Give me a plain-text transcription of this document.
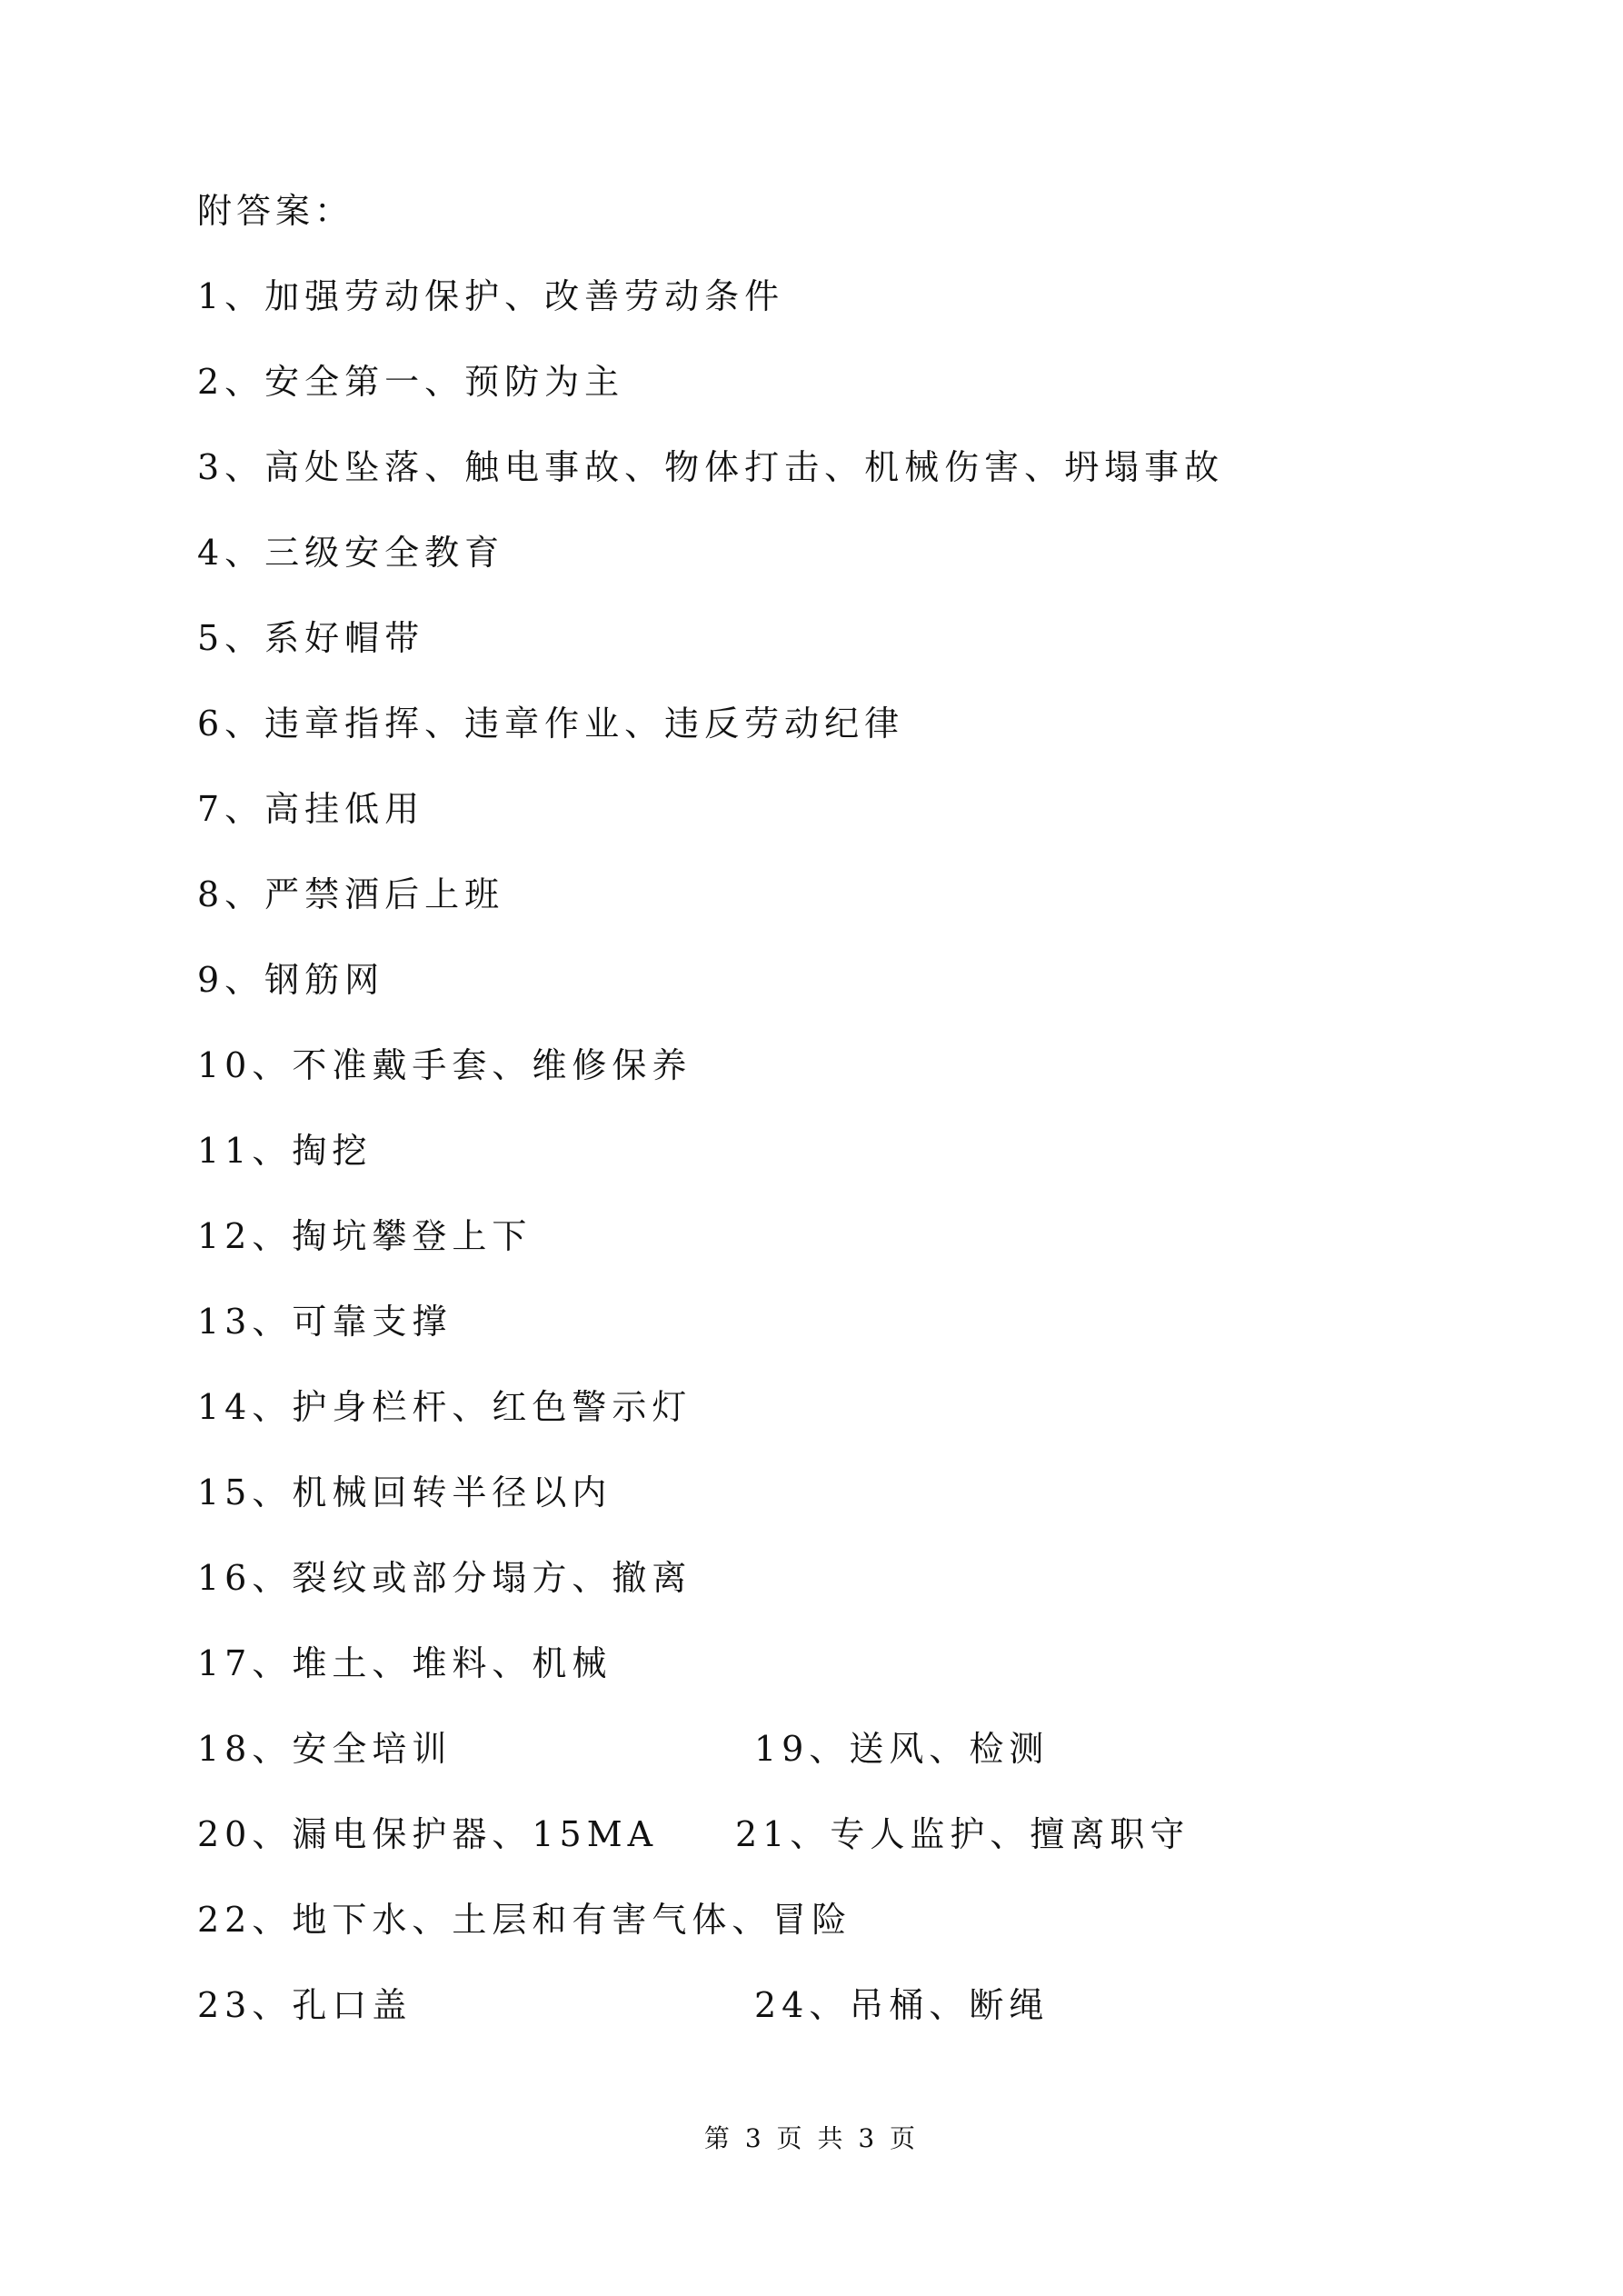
附答案：
1、加强劳动保护、改善劳动条件
2、安全第一、预防为主
3、高处坠落、触电事故、物体打击、机械伤害、坍塌事故
4、三级安全教育
5、系好帽带
6、违章指挥、违章作业、违反劳动纪律
7、高挂低用
8、严禁酒后上班
9、钢筋网
10、不准戴手套、维修保养
11、掏挖
12、掏坑攀登上下
13、可靠支撑
14、护身栏杆、红色警示灯
15、机械回转半径以内
16、裂纹或部分塌方、撤离
17、堆土、堆料、机械
18、安全培训	19、送风、检测
20、漏电保护器、15MA 21、专人监护、擅离职守
22、地下水、土层和有害气体、冒险
23、孔口盖	24、吊桶、断绳
第 3 页 共 3 页
